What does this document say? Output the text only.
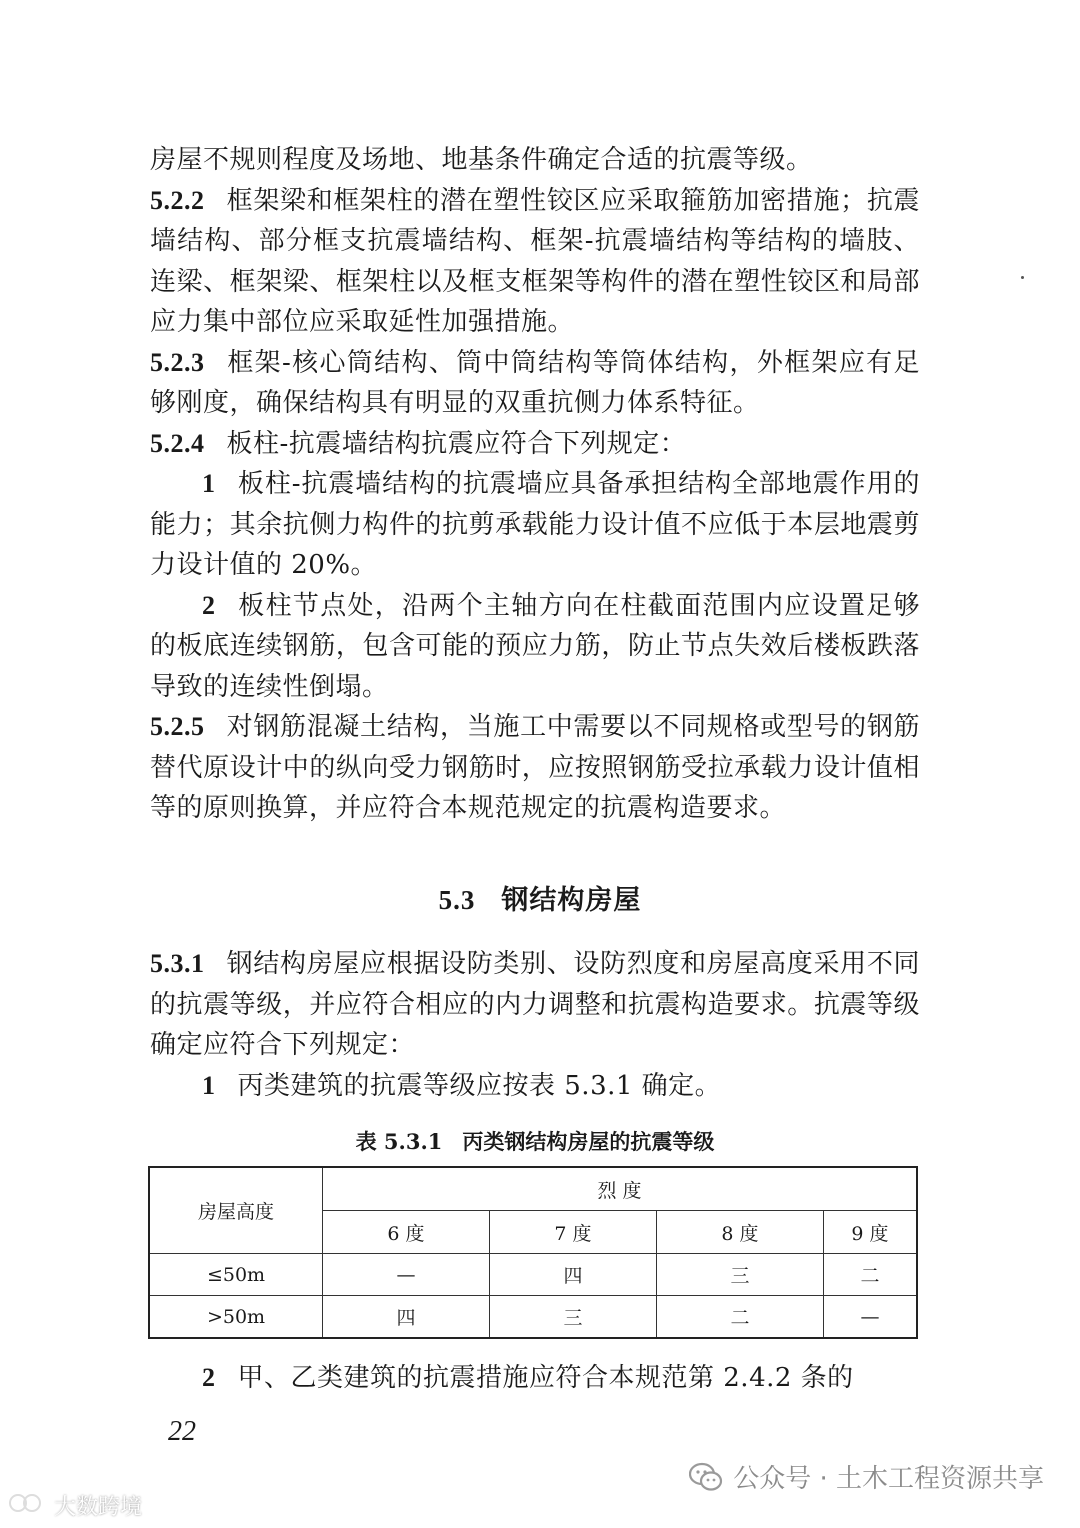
房屋不规则程度及场地、地基条件确定合适的抗震等级。

5.2.2 框架梁和框架柱的潜在塑性铰区应采取箍筋加密措施；抗震墙结构、部分框支抗震墙结构、框架-抗震墙结构等结构的墙肢、连梁、框架梁、框架柱以及框支框架等构件的潜在塑性铰区和局部应力集中部位应采取延性加强措施。

5.2.3 框架-核心筒结构、筒中筒结构等筒体结构，外框架应有足够刚度，确保结构具有明显的双重抗侧力体系特征。

5.2.4 板柱-抗震墙结构抗震应符合下列规定：

1 板柱-抗震墙结构的抗震墙应具备承担结构全部地震作用的能力；其余抗侧力构件的抗剪承载能力设计值不应低于本层地震剪力设计值的 20%。

2 板柱节点处，沿两个主轴方向在柱截面范围内应设置足够的板底连续钢筋，包含可能的预应力筋，防止节点失效后楼板跌落导致的连续性倒塌。

5.2.5 对钢筋混凝土结构，当施工中需要以不同规格或型号的钢筋替代原设计中的纵向受力钢筋时，应按照钢筋受拉承载力设计值相等的原则换算，并应符合本规范规定的抗震构造要求。

5.3 钢结构房屋

5.3.1 钢结构房屋应根据设防类别、设防烈度和房屋高度采用不同的抗震等级，并应符合相应的内力调整和抗震构造要求。抗震等级确定应符合下列规定：

1 丙类建筑的抗震等级应按表 5.3.1 确定。

表 5.3.1 丙类钢结构房屋的抗震等级
房屋高度	烈 度			
	6 度	7 度	8 度	9 度
≤50m	—	四	三	二
>50m	四	三	二	—

2 甲、乙类建筑的抗震措施应符合本规范第 2.4.2 条的

22
公众号 · 土木工程资源共享
大数跨境
